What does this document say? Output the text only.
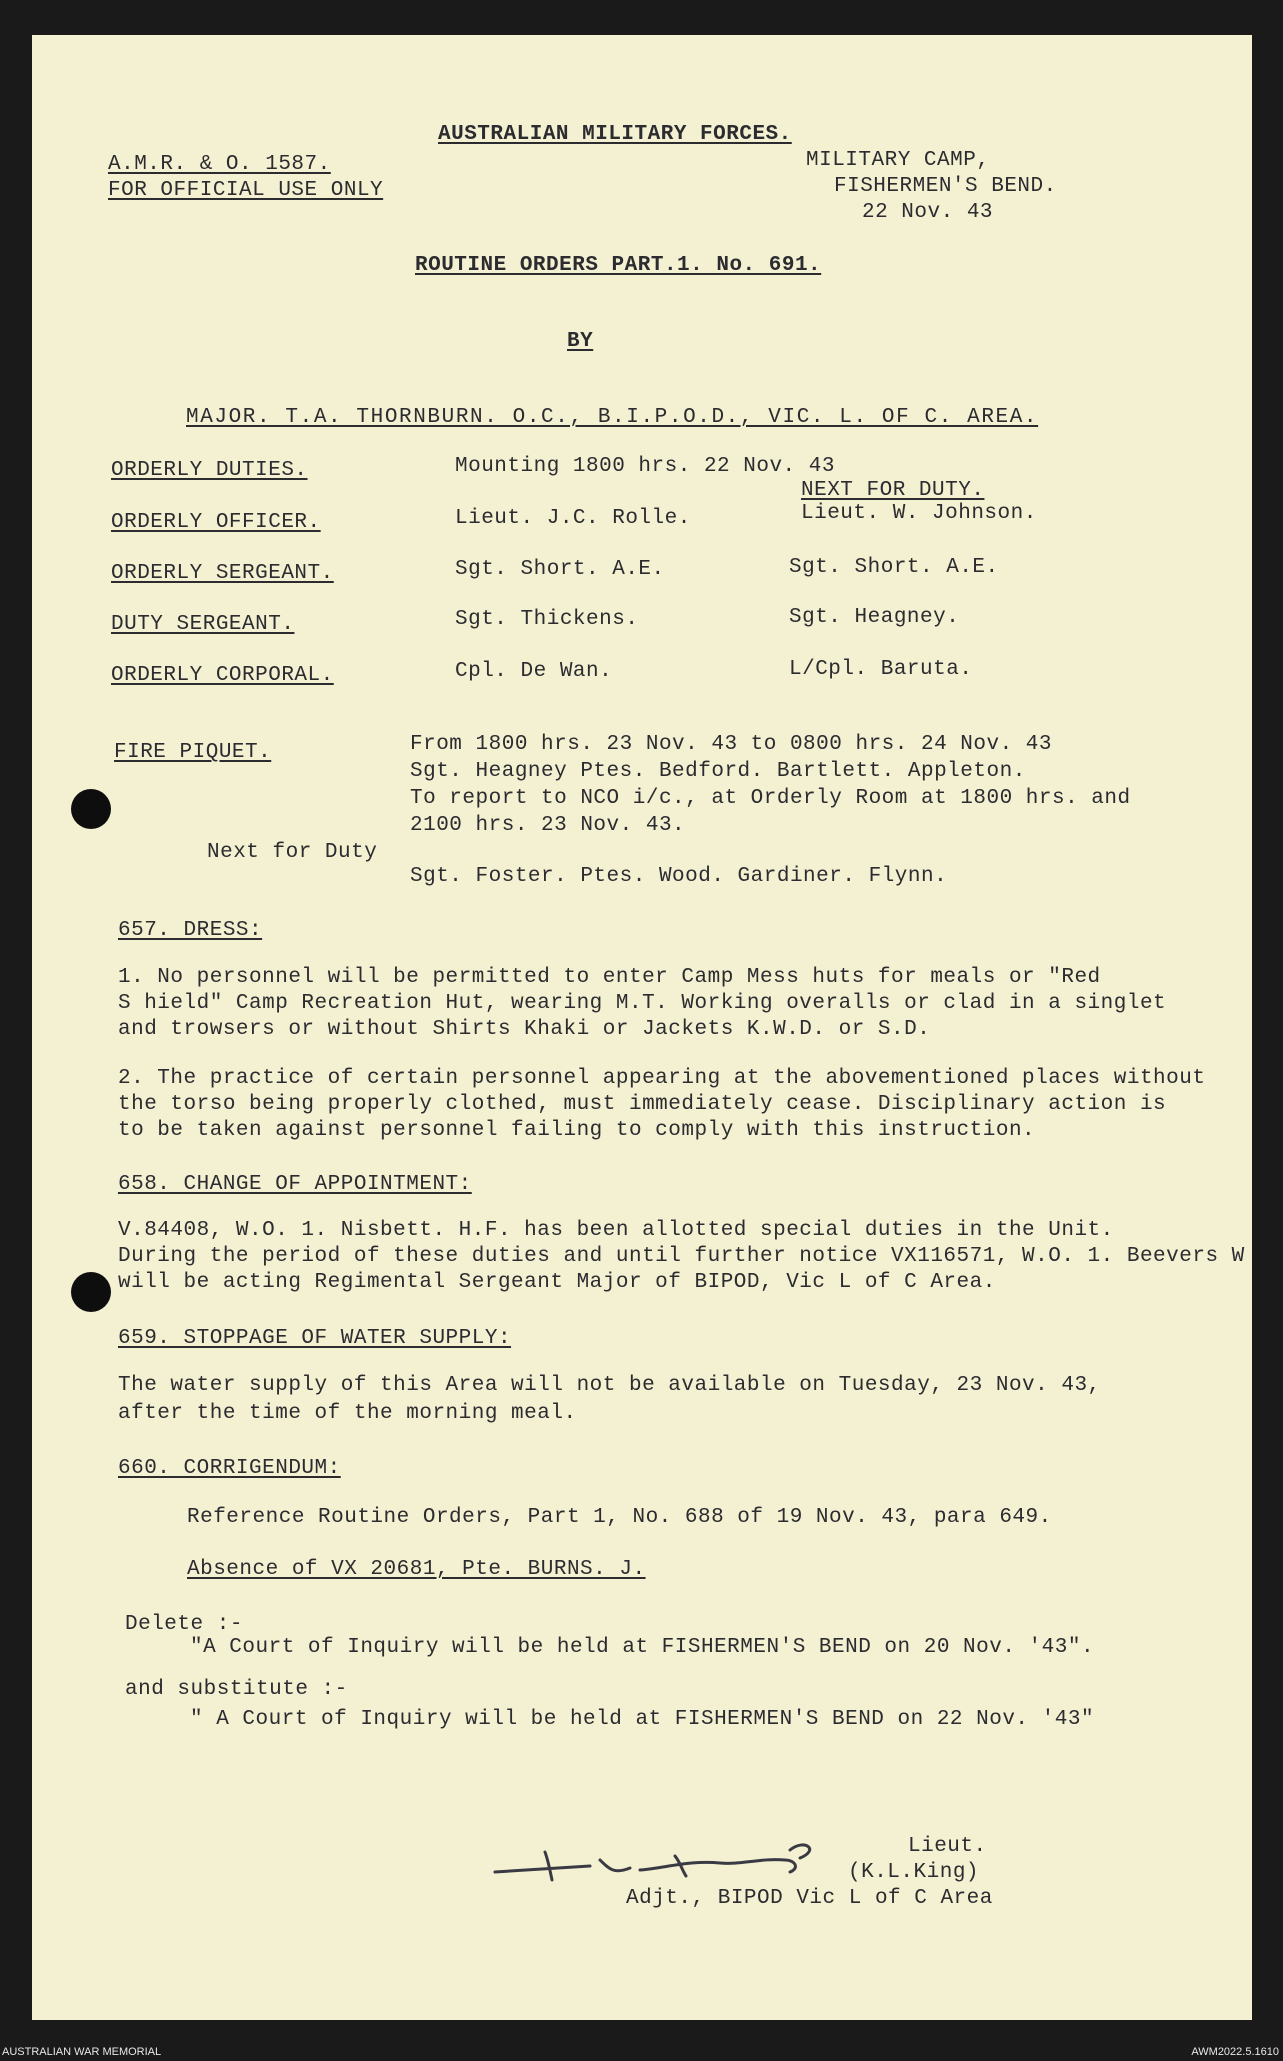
AUSTRALIAN MILITARY FORCES.
A.M.R. & O. 1587.
FOR OFFICIAL USE ONLY
MILITARY CAMP,
FISHERMEN'S BEND.
22 Nov. 43
ROUTINE ORDERS PART.1. No. 691.
BY
MAJOR. T.A. THORNBURN. O.C., B.I.P.O.D., VIC. L. OF C. AREA.
ORDERLY DUTIES.	Mounting 1800 hrs. 22 Nov. 43
NEXT FOR DUTY.
ORDERLY OFFICER.	Lieut. J.C. Rolle.	Lieut. W. Johnson.
ORDERLY SERGEANT.	Sgt. Short. A.E.	Sgt. Short. A.E.
DUTY SERGEANT.	Sgt. Thickens.	Sgt. Heagney.
ORDERLY CORPORAL.	Cpl. De Wan.	L/Cpl. Baruta.
FIRE PIQUET.	From 1800 hrs. 23 Nov. 43 to 0800 hrs. 24 Nov. 43
Sgt. Heagney Ptes. Bedford. Bartlett. Appleton.
To report to NCO i/c., at Orderly Room at 1800 hrs. and
2100 hrs. 23 Nov. 43.
Next for Duty
Sgt. Foster. Ptes. Wood. Gardiner. Flynn.
657. DRESS:
1. No personnel will be permitted to enter Camp Mess huts for meals or "Red
S hield" Camp Recreation Hut, wearing M.T. Working overalls or clad in a singlet
and trowsers or without Shirts Khaki or Jackets K.W.D. or S.D.
2. The practice of certain personnel appearing at the abovementioned places without
the torso being properly clothed, must immediately cease. Disciplinary action is
to be taken against personnel failing to comply with this instruction.
658. CHANGE OF APPOINTMENT:
V.84408, W.O. 1. Nisbett. H.F. has been allotted special duties in the Unit.
During the period of these duties and until further notice VX116571, W.O. 1. Beevers W
will be acting Regimental Sergeant Major of BIPOD, Vic L of C Area.
659. STOPPAGE OF WATER SUPPLY:
The water supply of this Area will not be available on Tuesday, 23 Nov. 43,
after the time of the morning meal.
660. CORRIGENDUM:
Reference Routine Orders, Part 1, No. 688 of 19 Nov. 43, para 649.
Absence of VX 20681, Pte. BURNS. J.
Delete :-
"A Court of Inquiry will be held at FISHERMEN'S BEND on 20 Nov. '43".
and substitute :-
" A Court of Inquiry will be held at FISHERMEN'S BEND on 22 Nov. '43"
Lieut.
(K.L.King)
Adjt., BIPOD Vic L of C Area
AUSTRALIAN WAR MEMORIAL	AWM2022.5.1610
